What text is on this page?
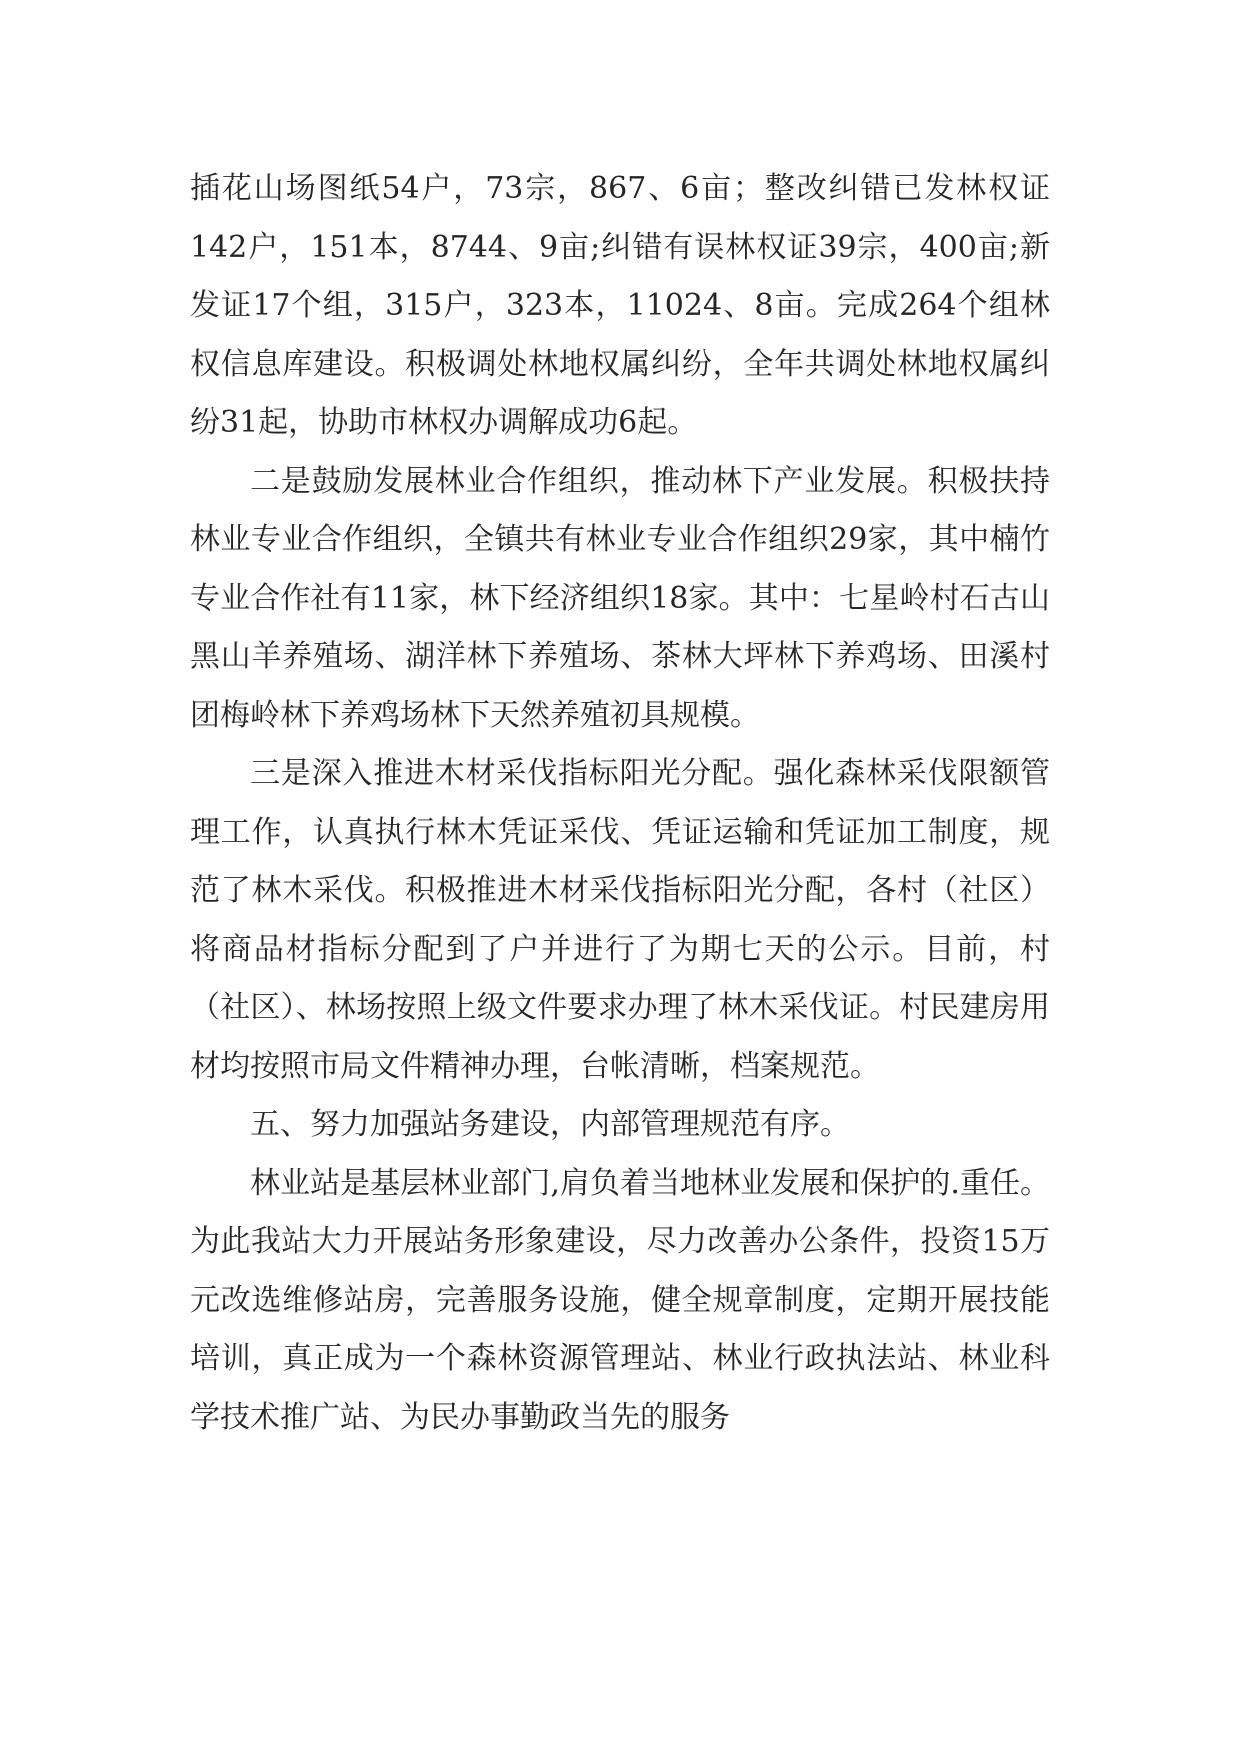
插花山场图纸54户，73宗，867、6亩；整改纠错已发林权证142户，151本，8744、9亩;纠错有误林权证39宗，400亩;新发证17个组，315户，323本，11024、8亩。完成264个组林权信息库建设。积极调处林地权属纠纷，全年共调处林地权属纠纷31起，协助市林权办调解成功6起。

二是鼓励发展林业合作组织，推动林下产业发展。积极扶持林业专业合作组织，全镇共有林业专业合作组织29家，其中楠竹专业合作社有11家，林下经济组织18家。其中：七星岭村石古山黑山羊养殖场、湖洋林下养殖场、茶林大坪林下养鸡场、田溪村团梅岭林下养鸡场林下天然养殖初具规模。

三是深入推进木材采伐指标阳光分配。强化森林采伐限额管理工作，认真执行林木凭证采伐、凭证运输和凭证加工制度，规范了林木采伐。积极推进木材采伐指标阳光分配，各村（社区）将商品材指标分配到了户并进行了为期七天的公示。目前，村（社区）、林场按照上级文件要求办理了林木采伐证。村民建房用材均按照市局文件精神办理，台帐清晰，档案规范。

五、努力加强站务建设，内部管理规范有序。

林业站是基层林业部门,肩负着当地林业发展和保护的.重任。为此我站大力开展站务形象建设，尽力改善办公条件，投资15万元改选维修站房，完善服务设施，健全规章制度，定期开展技能培训，真正成为一个森林资源管理站、林业行政执法站、林业科学技术推广站、为民办事勤政当先的服务
